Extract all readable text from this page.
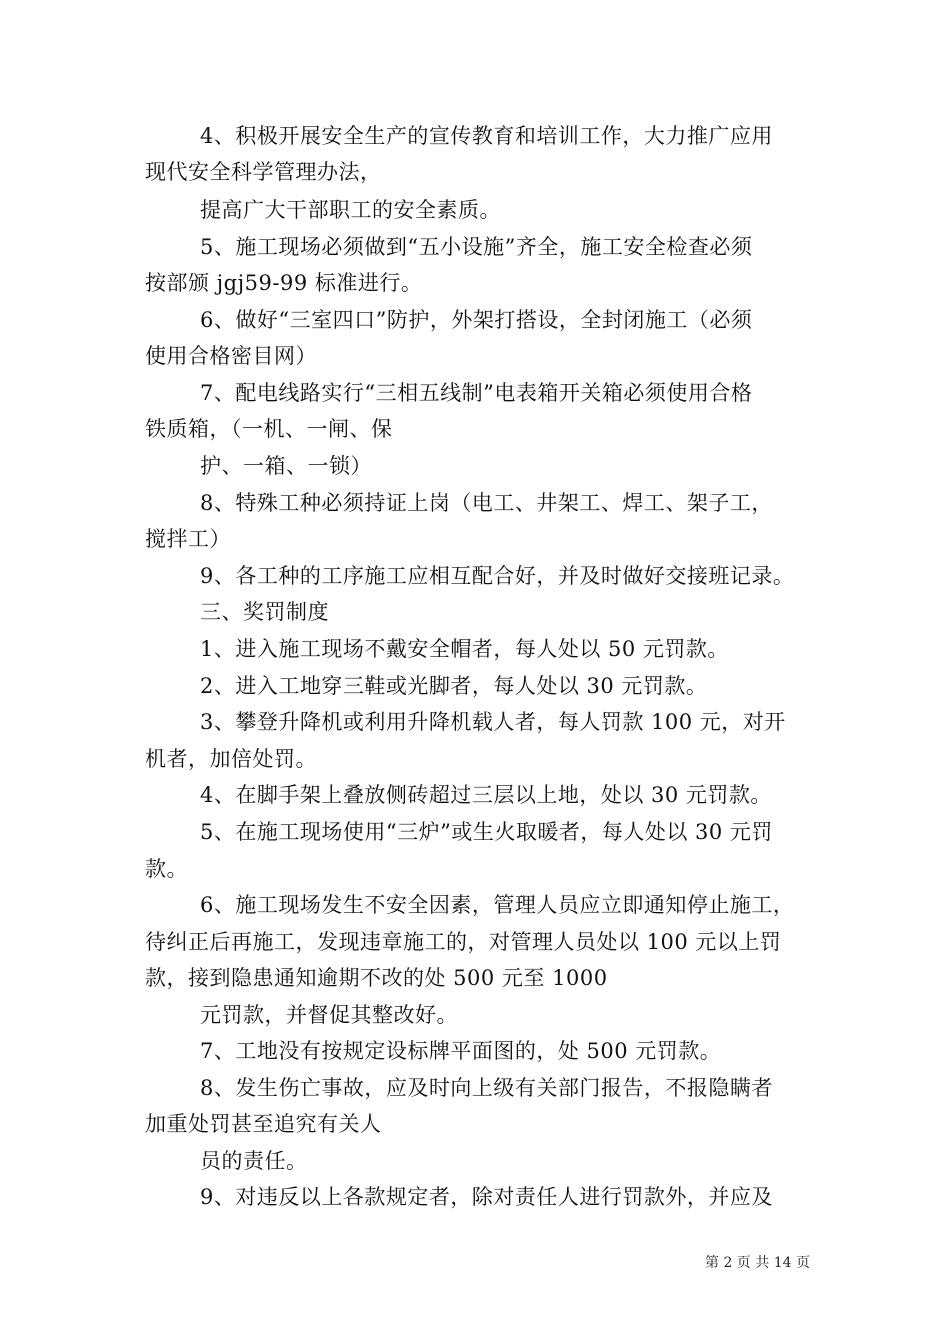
4、积极开展安全生产的宣传教育和培训工作，大力推广应用
现代安全科学管理办法，
提高广大干部职工的安全素质。
5、施工现场必须做到“五小设施”齐全，施工安全检查必须
按部颁 jgj59-99 标准进行。
6、做好“三室四口”防护，外架打搭设，全封闭施工（必须
使用合格密目网）
7、配电线路实行“三相五线制”电表箱开关箱必须使用合格
铁质箱，（一机、一闸、保
护、一箱、一锁）
8、特殊工种必须持证上岗（电工、井架工、焊工、架子工，
搅拌工）
9、各工种的工序施工应相互配合好，并及时做好交接班记录。
三、奖罚制度
1、进入施工现场不戴安全帽者，每人处以 50 元罚款。
2、进入工地穿三鞋或光脚者，每人处以 30 元罚款。
3、攀登升降机或利用升降机载人者，每人罚款 100 元，对开
机者，加倍处罚。
4、在脚手架上叠放侧砖超过三层以上地，处以 30 元罚款。
5、在施工现场使用“三炉”或生火取暖者，每人处以 30 元罚
款。
6、施工现场发生不安全因素，管理人员应立即通知停止施工，
待纠正后再施工，发现违章施工的，对管理人员处以 100 元以上罚
款，接到隐患通知逾期不改的处 500 元至 1000
元罚款，并督促其整改好。
7、工地没有按规定设标牌平面图的，处 500 元罚款。
8、发生伤亡事故，应及时向上级有关部门报告，不报隐瞒者
加重处罚甚至追究有关人
员的责任。
9、对违反以上各款规定者，除对责任人进行罚款外，并应及
第 2 页 共 14 页
